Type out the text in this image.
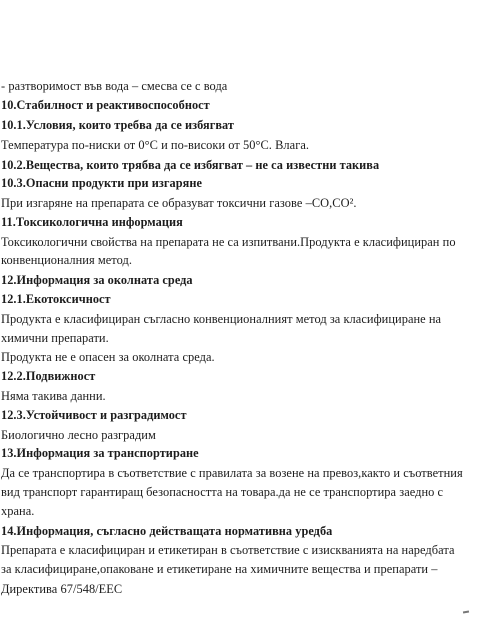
- разтворимост във вода – смесва се с вода
10.Стабилност и реактивоспособност
10.1.Условия, които требва да се избягват
Температура по-ниски от 0°C и по-високи от 50°C. Влага.
10.2.Вещества, които трябва да се избягват – не са известни такива
10.3.Опасни продукти при изгаряне
При изгаряне на препарата се образуват токсични газове –CO,CO².
11.Токсикологична информация
Токсикологични свойства на препарата не са изпитвани.Продукта е класифициран по
конвенционалния метод.
12.Информация за околната среда
12.1.Екотоксичност
Продукта е класифициран съгласно конвенционалният метод за класифициране на
химични препарати.
Продукта не е опасен за околната среда.
12.2.Подвижност
Няма такива данни.
12.3.Устойчивост и разградимост
Биологично лесно разградим
13.Информация за транспортиране
Да се транспортира в съответствие с правилата за возене на превоз,както и съответния
вид транспорт гарантиращ безопасността на товара.да не се транспортира заедно с
храна.
14.Информация, съгласно действащата нормативна уредба
Препарата е класифициран и етикетиран в съответствие с изискванията на наредбата
за класифициране,опаковане и етикетиране на химичните вещества и препарати –
Директива 67/548/EEC
